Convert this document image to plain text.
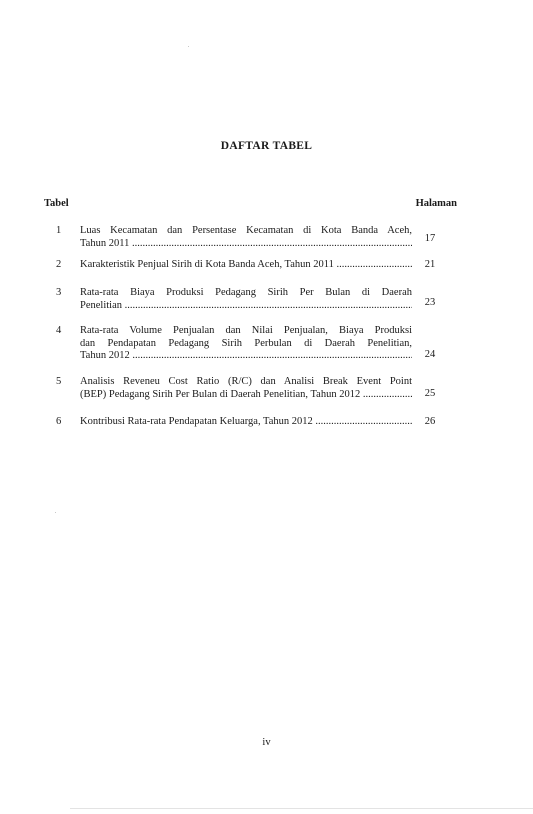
DAFTAR TABEL
Tabel	Halaman
1	Luas Kecamatan dan Persentase Kecamatan di Kota Banda Aceh,
Tahun 2011 .....	17
2	Karakteristik Penjual Sirih di Kota Banda Aceh, Tahun 2011 .....	21
3	Rata-rata Biaya Produksi Pedagang Sirih Per Bulan di Daerah
Penelitian .....	23
4	Rata-rata Volume Penjualan dan Nilai Penjualan, Biaya Produksi
dan Pendapatan Pedagang Sirih Perbulan di Daerah Penelitian,
Tahun 2012 .....	24
5	Analisis Reveneu Cost Ratio (R/C) dan Analisi Break Event Point
(BEP) Pedagang Sirih Per Bulan di Daerah Penelitian, Tahun 2012 .....	25
6	Kontribusi Rata-rata Pendapatan Keluarga, Tahun 2012 .....	26
iv
